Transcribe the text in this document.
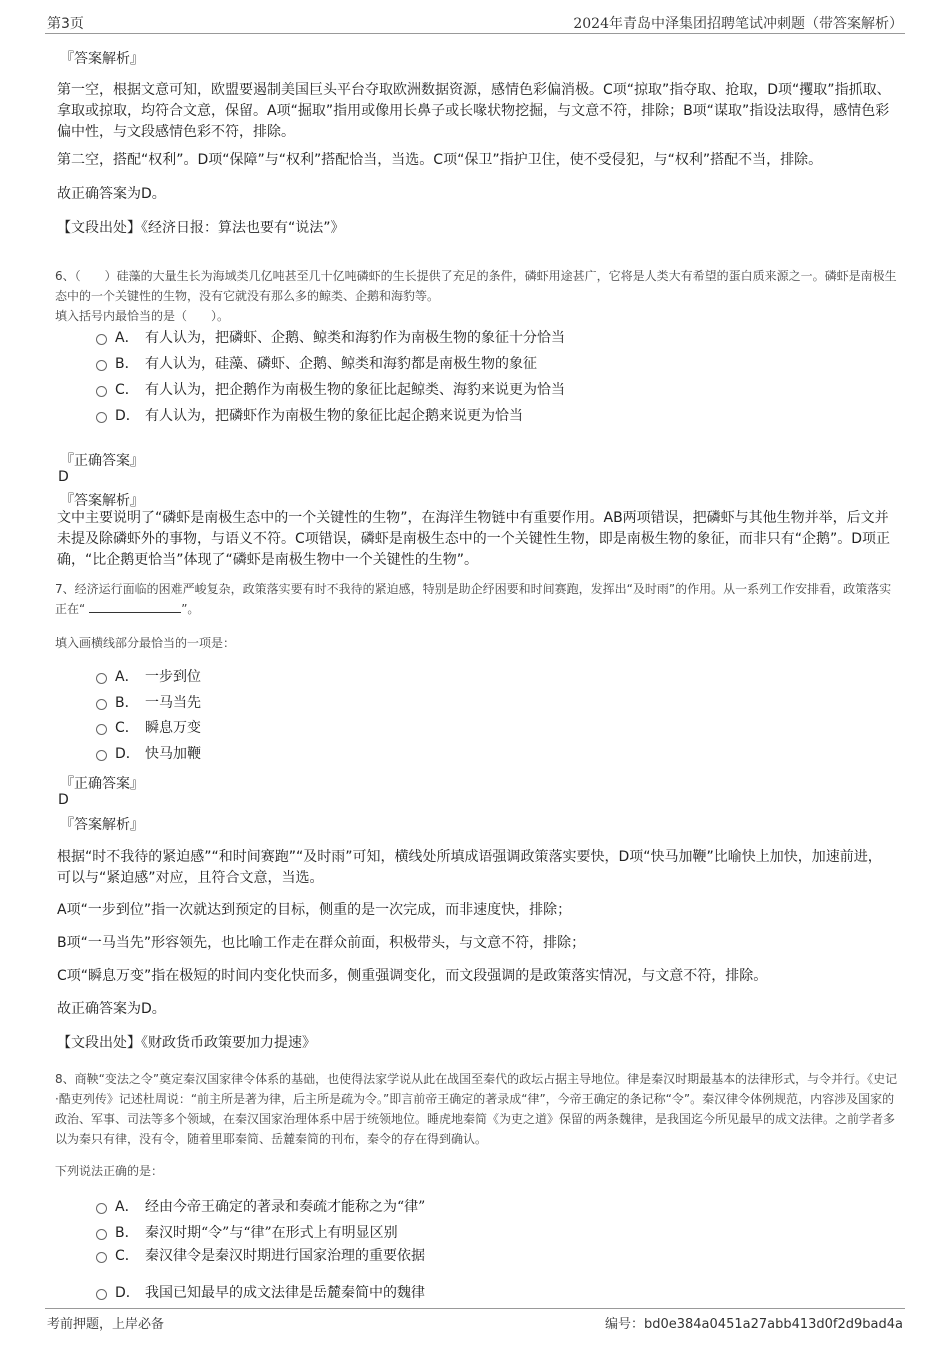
第3页	2024年青岛中泽集团招聘笔试冲刺题（带答案解析）
『答案解析』
第一空，根据文意可知，欧盟要遏制美国巨头平台夺取欧洲数据资源，感情色彩偏消极。C项“掠取”指夺取、抢取，D项“攫取”指抓取、拿取或掠取，均符合文意，保留。A项“掘取”指用或像用长鼻子或长喙状物挖掘，与文意不符，排除；B项“谋取”指设法取得，感情色彩偏中性，与文段感情色彩不符，排除。
第二空，搭配“权利”。D项“保障”与“权利”搭配恰当，当选。C项“保卫”指护卫住，使不受侵犯，与“权利”搭配不当，排除。
故正确答案为D。
【文段出处】《经济日报：算法也要有“说法”》
6、（　　）硅藻的大量生长为海域类几亿吨甚至几十亿吨磷虾的生长提供了充足的条件，磷虾用途甚广，它将是人类大有希望的蛋白质来源之一。磷虾是南极生态中的一个关键性的生物，没有它就没有那么多的鲸类、企鹅和海豹等。
填入括号内最恰当的是（　　）。
A． 有人认为，把磷虾、企鹅、鲸类和海豹作为南极生物的象征十分恰当
B． 有人认为，硅藻、磷虾、企鹅、鲸类和海豹都是南极生物的象征
C． 有人认为，把企鹅作为南极生物的象征比起鲸类、海豹来说更为恰当
D． 有人认为，把磷虾作为南极生物的象征比起企鹅来说更为恰当
『正确答案』
D
『答案解析』
文中主要说明了“磷虾是南极生态中的一个关键性的生物”，在海洋生物链中有重要作用。AB两项错误，把磷虾与其他生物并举，后文并未提及除磷虾外的事物，与语义不符。C项错误，磷虾是南极生态中的一个关键性生物，即是南极生物的象征，而非只有“企鹅”。D项正确，“比企鹅更恰当”体现了“磷虾是南极生物中一个关键性的生物”。
7、经济运行面临的困难严峻复杂，政策落实要有时不我待的紧迫感，特别是助企纾困要和时间赛跑，发挥出“及时雨”的作用。从一系列工作安排看，政策落实正在“	”。
填入画横线部分最恰当的一项是：
A． 一步到位
B． 一马当先
C． 瞬息万变
D． 快马加鞭
『正确答案』
D
『答案解析』
根据“时不我待的紧迫感”“和时间赛跑”“及时雨”可知，横线处所填成语强调政策落实要快，D项“快马加鞭”比喻快上加快，加速前进，可以与“紧迫感”对应，且符合文意，当选。
A项“一步到位”指一次就达到预定的目标，侧重的是一次完成，而非速度快，排除；
B项“一马当先”形容领先，也比喻工作走在群众前面，积极带头，与文意不符，排除；
C项“瞬息万变”指在极短的时间内变化快而多，侧重强调变化，而文段强调的是政策落实情况，与文意不符，排除。
故正确答案为D。
【文段出处】《财政货币政策要加力提速》
8、商鞅“变法之令”奠定秦汉国家律令体系的基础，也使得法家学说从此在战国至秦代的政坛占据主导地位。律是秦汉时期最基本的法律形式，与令并行。《史记·酷吏列传》记述杜周说：“前主所是著为律，后主所是疏为令。”即言前帝王确定的著录成“律”，今帝王确定的条记称“令”。秦汉律令体例规范，内容涉及国家的政治、军事、司法等多个领域，在秦汉国家治理体系中居于统领地位。睡虎地秦简《为吏之道》保留的两条魏律，是我国迄今所见最早的成文法律。之前学者多以为秦只有律，没有令，随着里耶秦简、岳麓秦简的刊布，秦令的存在得到确认。
下列说法正确的是：
A． 经由今帝王确定的著录和奏疏才能称之为“律”
B． 秦汉时期“令”与“律”在形式上有明显区别
C． 秦汉律令是秦汉时期进行国家治理的重要依据
D． 我国已知最早的成文法律是岳麓秦简中的魏律
考前押题，上岸必备	编号：bd0e384a0451a27abb413d0f2d9bad4a
